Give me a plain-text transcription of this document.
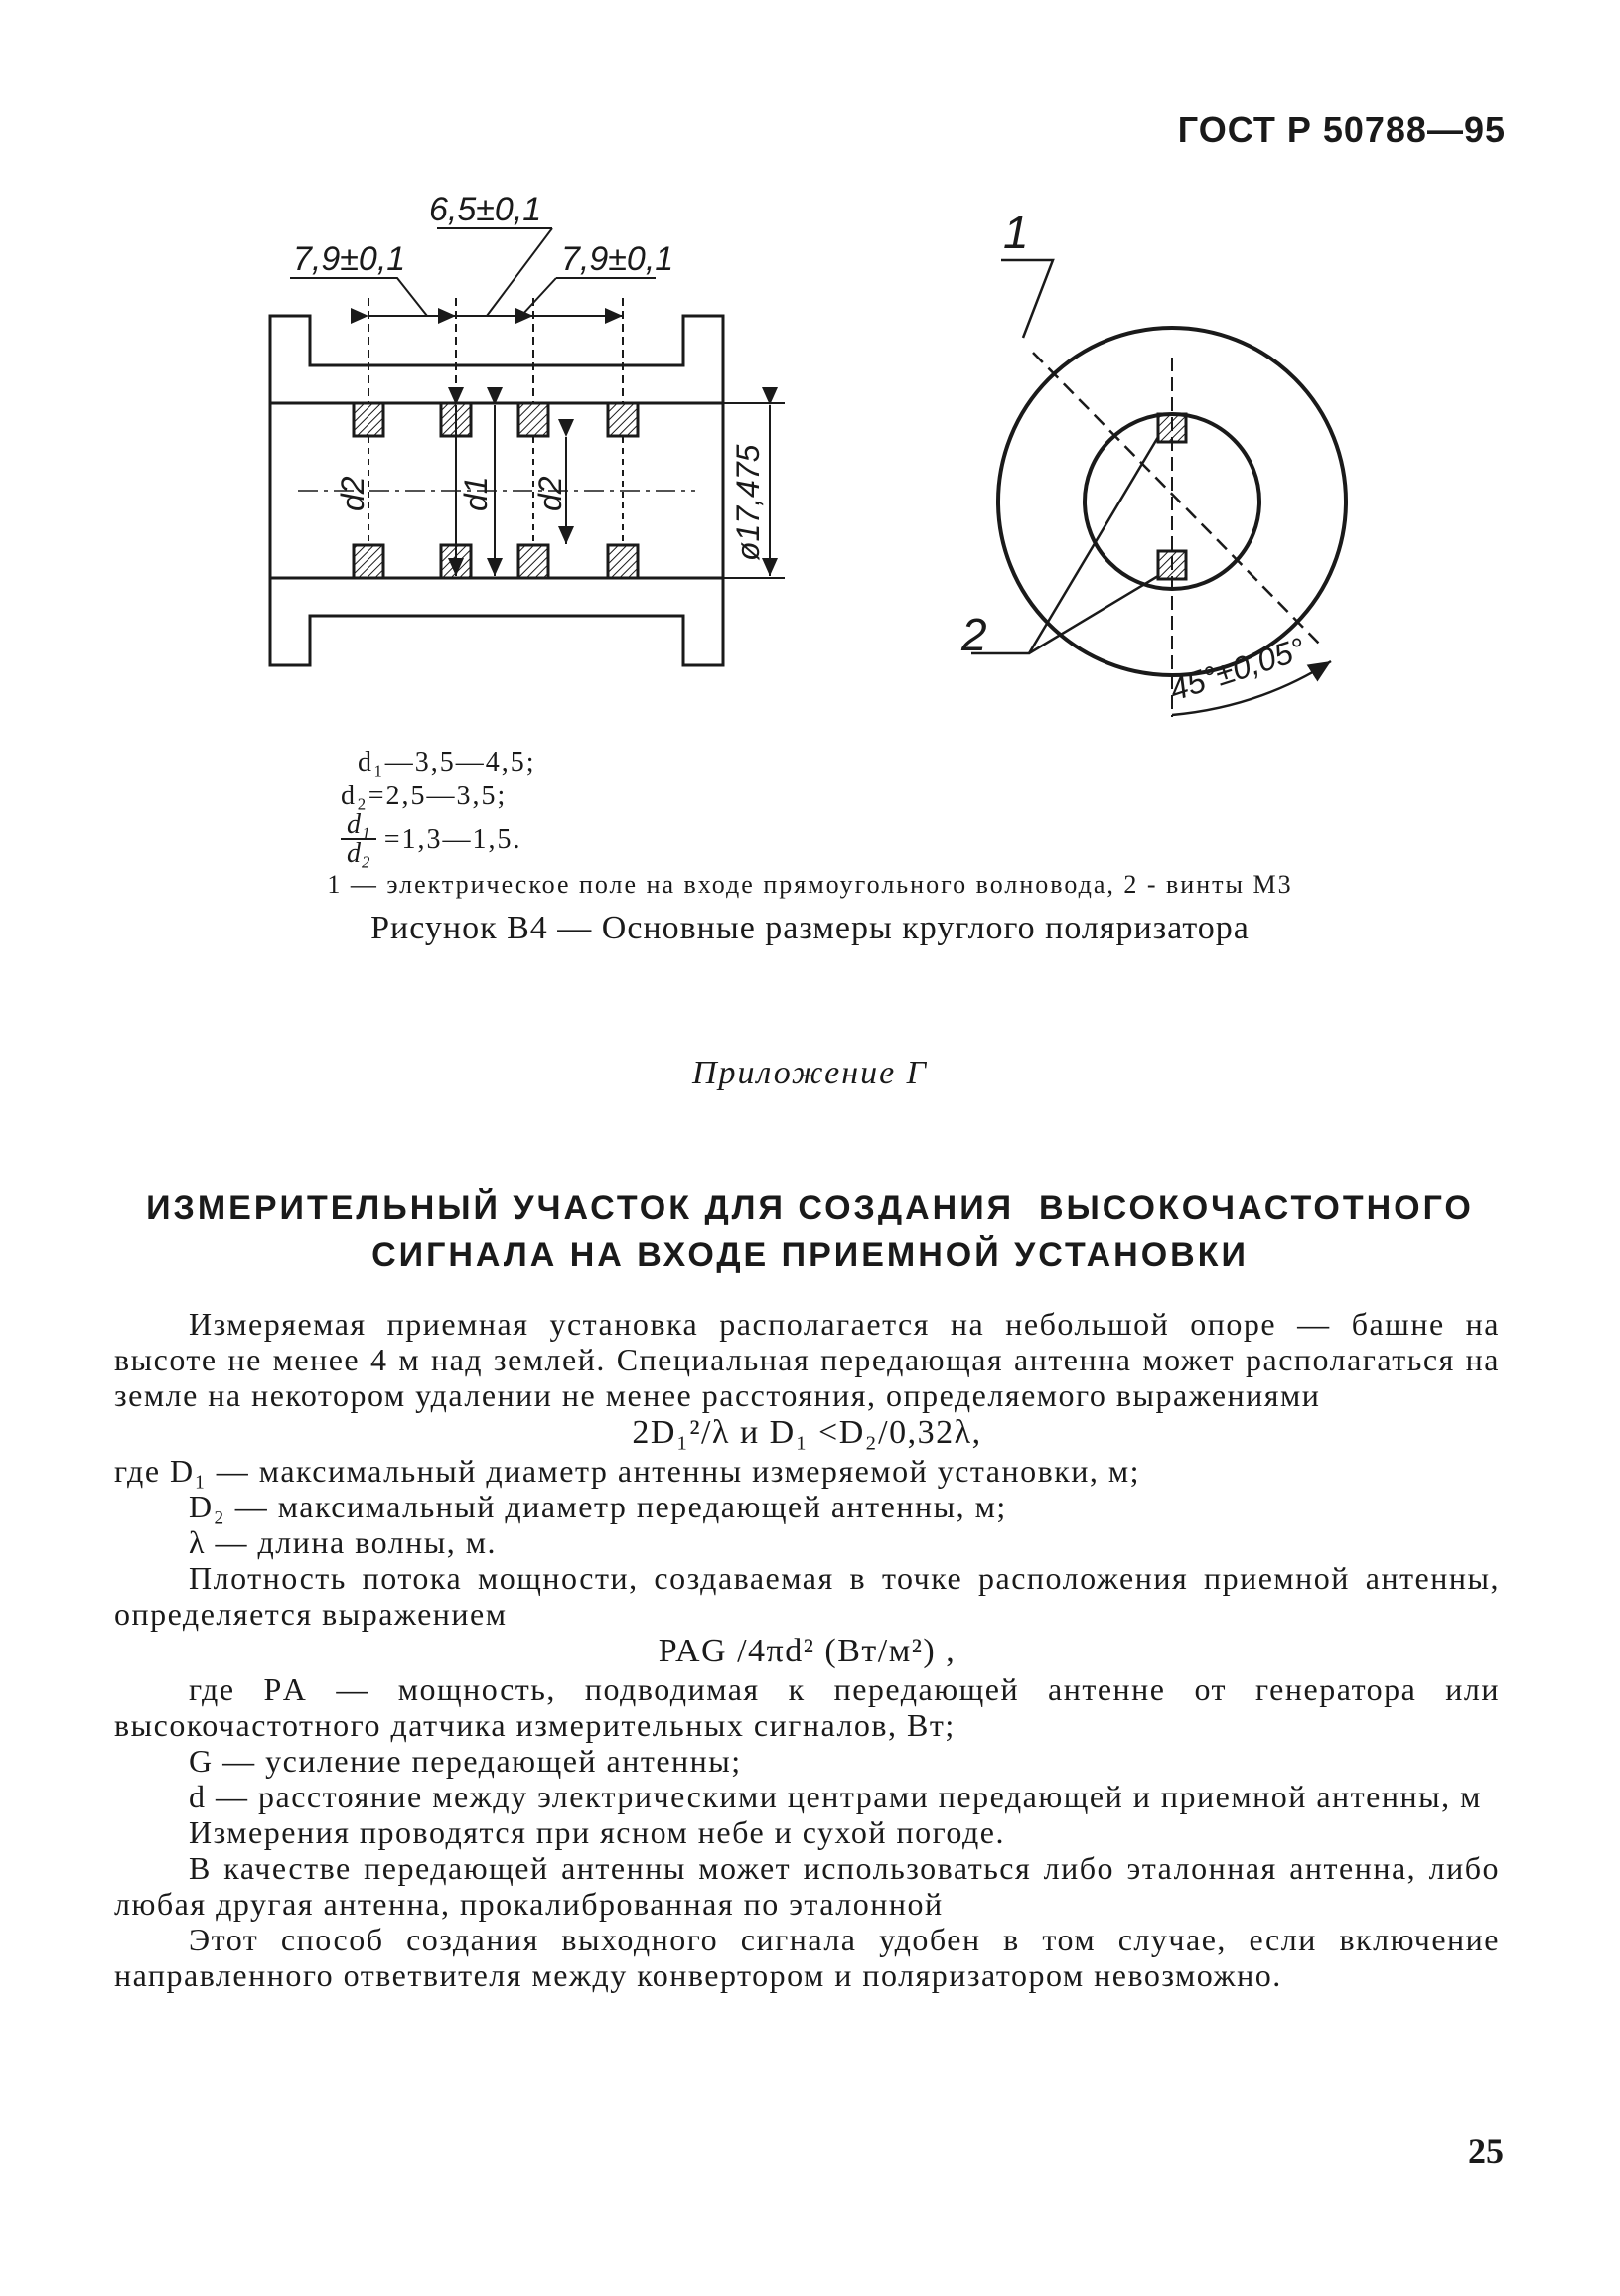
ГОСТ Р 50788—95
6,5±0,1
7,9±0,1	7,9±0,1
d2	d1 d2	ø17,475
1
2	45°±0,05°
d₁—3,5—4,5;
d₂=2,5—3,5;
$\frac{\text{d₁}}{\text{d₂}}$ =1,3—1,5.
1 — электрическое поле на входе прямоугольного волновода, 2 - винты М3
Рисунок В4 — Основные размеры круглого поляризатора
Приложение Г
ИЗМЕРИТЕЛЬНЫЙ УЧАСТОК ДЛЯ СОЗДАНИЯ  ВЫСОКОЧАСТОТНОГО
СИГНАЛА НА ВХОДЕ ПРИЕМНОЙ УСТАНОВКИ

Измеряемая приемная установка располагается на небольшой опоре — башне на высоте не менее 4 м над землей. Специальная передающая антенна может располагаться на земле на некотором удалении не менее расстояния, определяемого выражениями

2D₁²/λ и D₁ <D₂/0,32λ,

где D₁ — максимальный диаметр антенны измеряемой установки, м;

D₂ — максимальный диаметр передающей антенны, м;

λ — длина волны, м.

Плотность потока мощности, создаваемая в точке расположения приемной антенны, определяется выражением

PAG /4πd² (Вт/м²) ,

где PА — мощность, подводимая к передающей антенне от генератора или высокочастотного датчика измерительных сигналов, Вт;

G — усиление передающей антенны;

d — расстояние между электрическими центрами передающей и приемной антенны, м

Измерения проводятся при ясном небе и сухой погоде.

В качестве передающей антенны может использоваться либо эталонная антенна, либо любая другая антенна, прокалиброванная по эталонной

Этот способ создания выходного сигнала удобен в том случае, если включение направленного ответвителя между конвертором и поляризатором невозможно.

25
